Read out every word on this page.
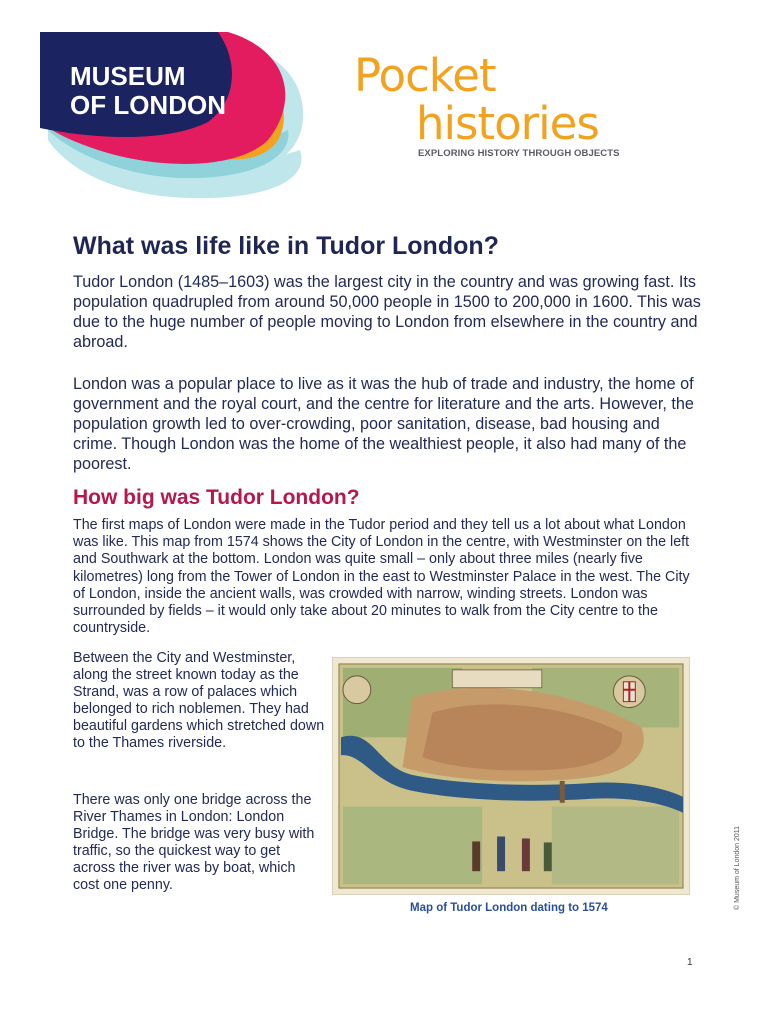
MUSEUM
OF LONDON

Pocket

histories

EXPLORING HISTORY THROUGH OBJECTS

What was life like in Tudor London?

Tudor London (1485–1603) was the largest city in the country and was growing fast. Its population quadrupled from around 50,000 people in 1500 to 200,000 in 1600. This was due to the huge number of people moving to London from elsewhere in the country and abroad.

London was a popular place to live as it was the hub of trade and industry, the home of government and the royal court, and the centre for literature and the arts. However, the population growth led to over-crowding, poor sanitation, disease, bad housing and crime. Though London was the home of the wealthiest people, it also had many of the poorest.

How big was Tudor London?

The first maps of London were made in the Tudor period and they tell us a lot about what London was like. This map from 1574 shows the City of London in the centre, with Westminster on the left and Southwark at the bottom. London was quite small – only about three miles (nearly five kilometres) long from the Tower of London in the east to Westminster Palace in the west. The City of London, inside the ancient walls, was crowded with narrow, winding streets. London was surrounded by fields – it would only take about 20 minutes to walk from the City centre to the countryside.

Between the City and Westminster, along the street known today as the Strand, was a row of palaces which belonged to rich noblemen. They had beautiful gardens which stretched down to the Thames riverside.

There was only one bridge across the River Thames in London: London Bridge. The bridge was very busy with traffic, so the quickest way to get across the river was by boat, which cost one penny.

Map of Tudor London dating to 1574	© Museum of London 2011

1
